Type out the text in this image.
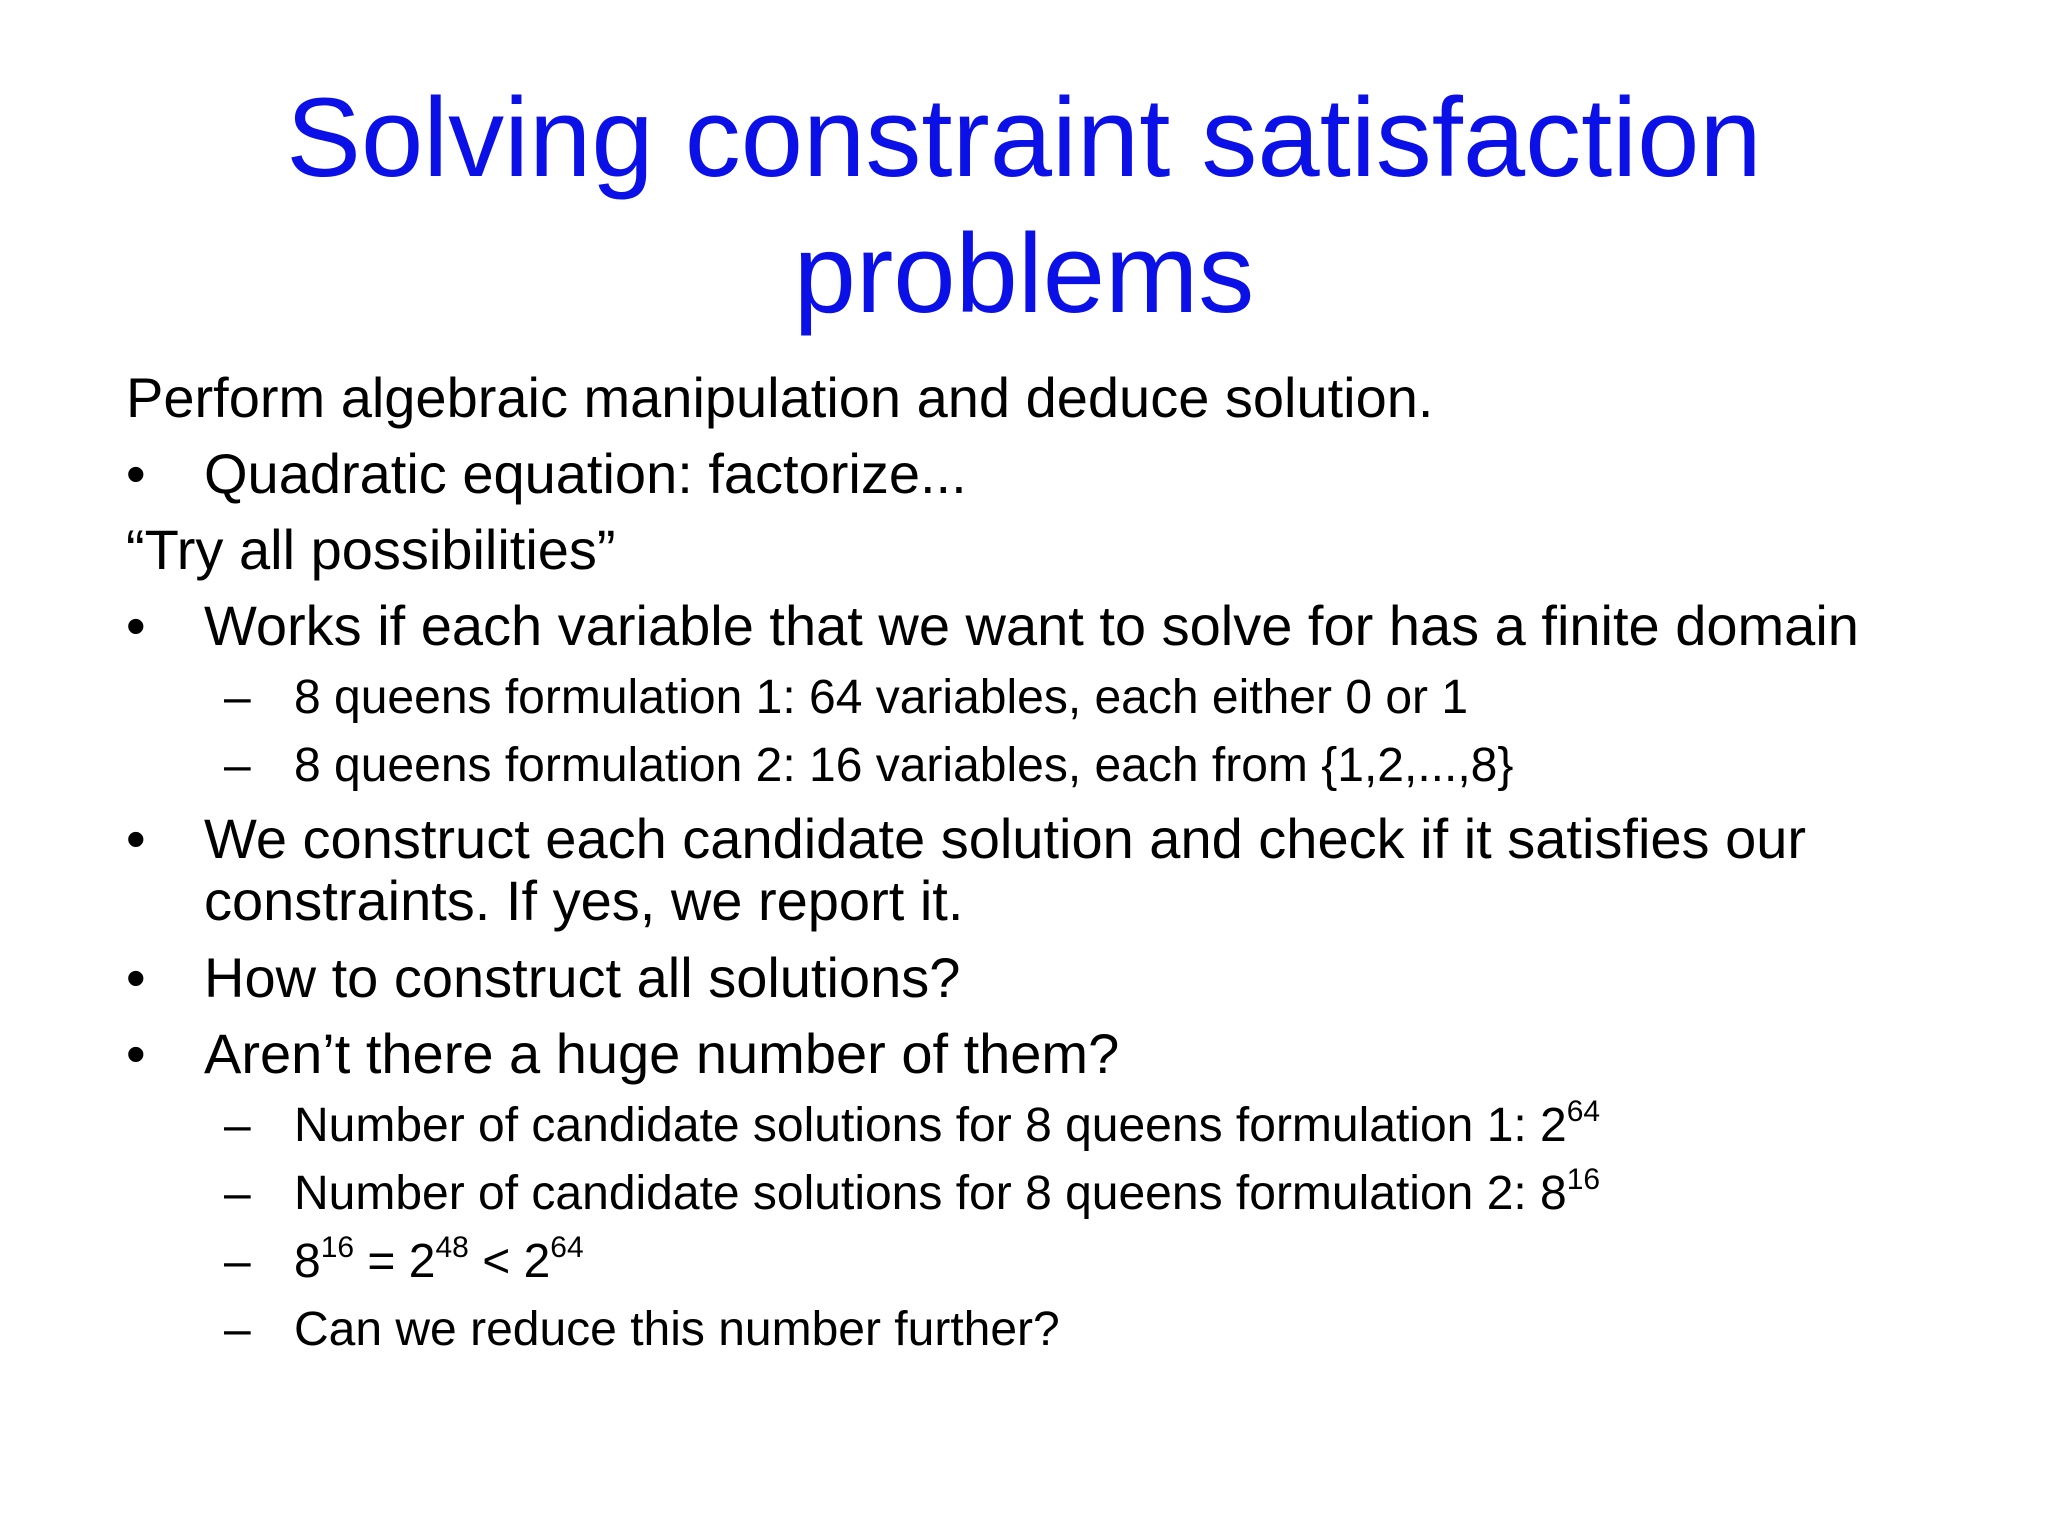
Solving constraint satisfaction
problems
Perform algebraic manipulation and deduce solution.
• Quadratic equation: factorize...
“Try all possibilities”
• Works if each variable that we want to solve for has a finite domain
– 8 queens formulation 1: 64 variables, each either 0 or 1
– 8 queens formulation 2: 16 variables, each from {1,2,...,8}
• We construct each candidate solution and check if it satisfies our constraints. If yes, we report it.
• How to construct all solutions?
• Aren’t there a huge number of them?
– Number of candidate solutions for 8 queens formulation 1: $2^{64}$
– Number of candidate solutions for 8 queens formulation 2: $8^{16}$
– $8^{16} = 2^{48} < 2^{64}$
– Can we reduce this number further?
